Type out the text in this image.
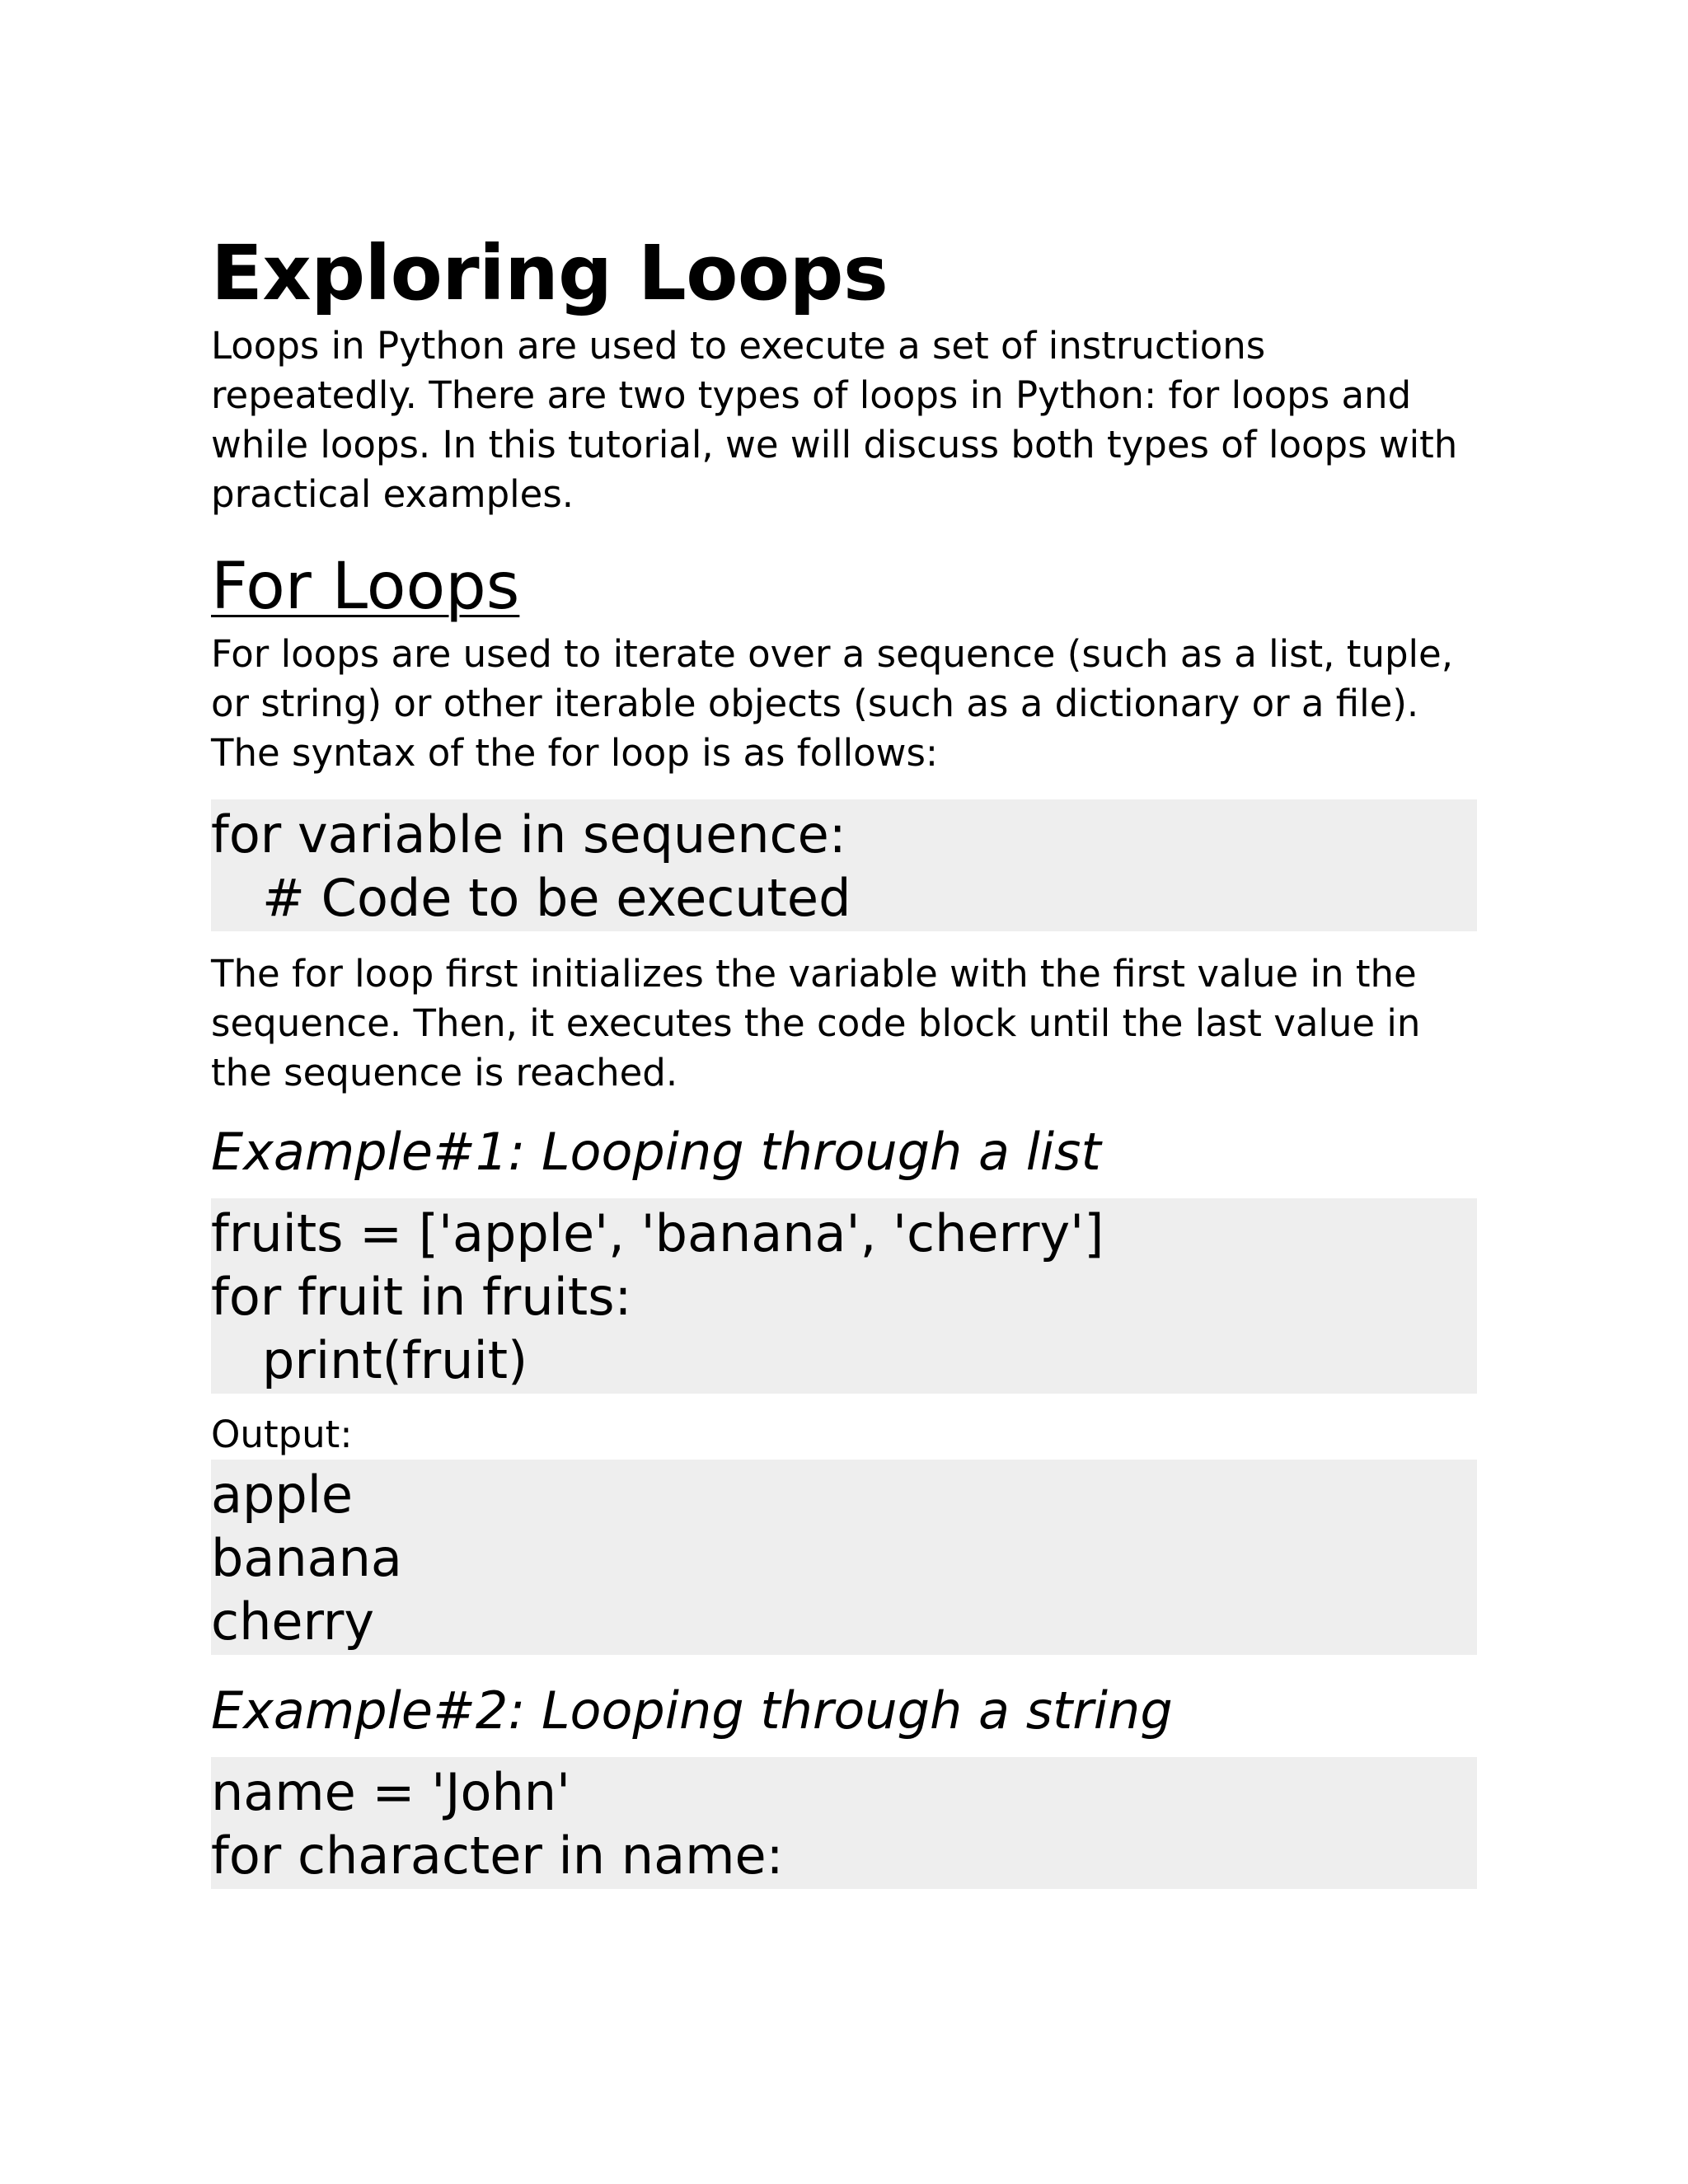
Exploring Loops

Loops in Python are used to execute a set of instructions repeatedly. There are two types of loops in Python: for loops and while loops. In this tutorial, we will discuss both types of loops with practical examples.

For Loops

For loops are used to iterate over a sequence (such as a list, tuple, or string) or other iterable objects (such as a dictionary or a file). The syntax of the for loop is as follows:

for variable in sequence:
# Code to be executed

The for loop first initializes the variable with the first value in the sequence. Then, it executes the code block until the last value in the sequence is reached.

Example#1: Looping through a list
fruits = ['apple', 'banana', 'cherry']
for fruit in fruits:
print(fruit)

Output:

apple
banana
cherry
Example#2: Looping through a string
name = 'John'
for character in name:
